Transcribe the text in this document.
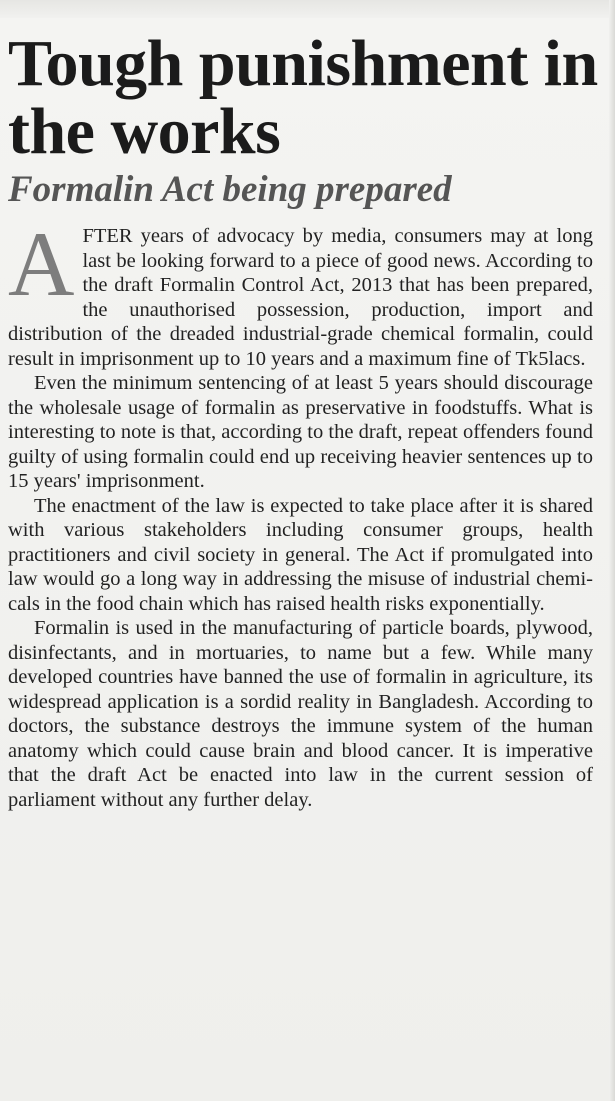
Tough punishment in the works
Formalin Act being prepared

AFTER years of advocacy by media, consumers may at long last be looking forward to a piece of good news. According to the draft Formalin Control Act, 2013 that has been prepared, the unauthorised possession, production, import and distribution of the dreaded industrial-grade chemical formalin, could result in imprisonment up to 10 years and a maximum fine of Tk5lacs.

Even the minimum sentencing of at least 5 years should discourage the wholesale usage of formalin as preservative in foodstuffs. What is interesting to note is that, according to the draft, repeat offenders found guilty of using formalin could end up receiving heavier sentences up to 15 years' imprisonment.

The enactment of the law is expected to take place after it is shared with various stakeholders including consumer groups, health practitioners and civil society in general. The Act if promulgated into law would go a long way in addressing the misuse of industrial chemicals in the food chain which has raised health risks exponentially.

Formalin is used in the manufacturing of particle boards, plywood, disinfectants, and in mortuaries, to name but a few. While many developed countries have banned the use of formalin in agriculture, its widespread application is a sordid reality in Bangladesh. According to doctors, the substance destroys the immune system of the human anatomy which could cause brain and blood cancer. It is imperative that the draft Act be enacted into law in the current session of parliament without any further delay.
